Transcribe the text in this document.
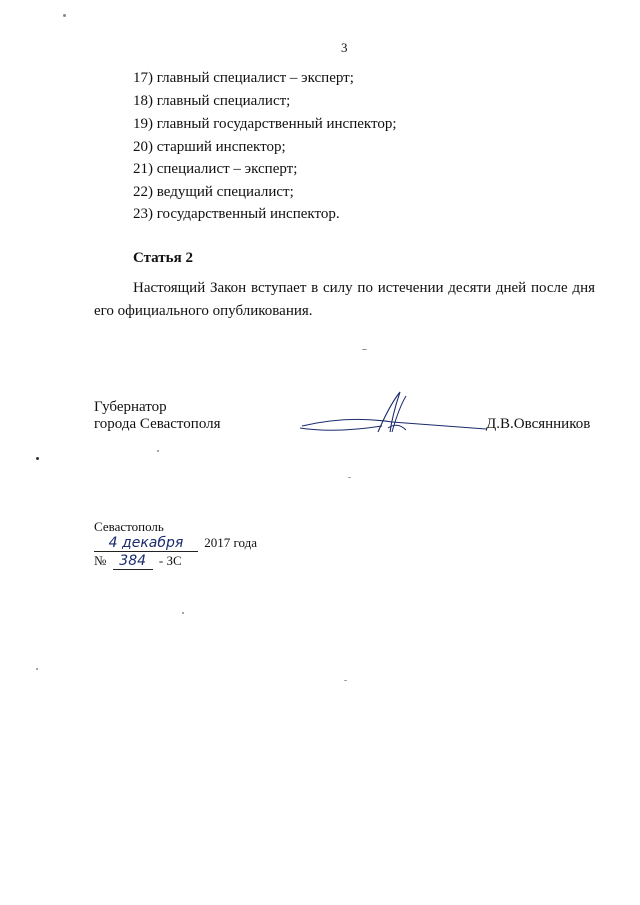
3
17) главный специалист – эксперт;
18) главный специалист;
19) главный государственный инспектор;
20) старший инспектор;
21) специалист – эксперт;
22) ведущий специалист;
23) государственный инспектор.
Статья 2
Настоящий Закон вступает в силу по истечении десяти дней после дня
его официального опубликования.
Губернатор
города Севастополя	Д.В.Овсянников
Севастополь
4 декабря 2017 года
№ 384 - ЗС
